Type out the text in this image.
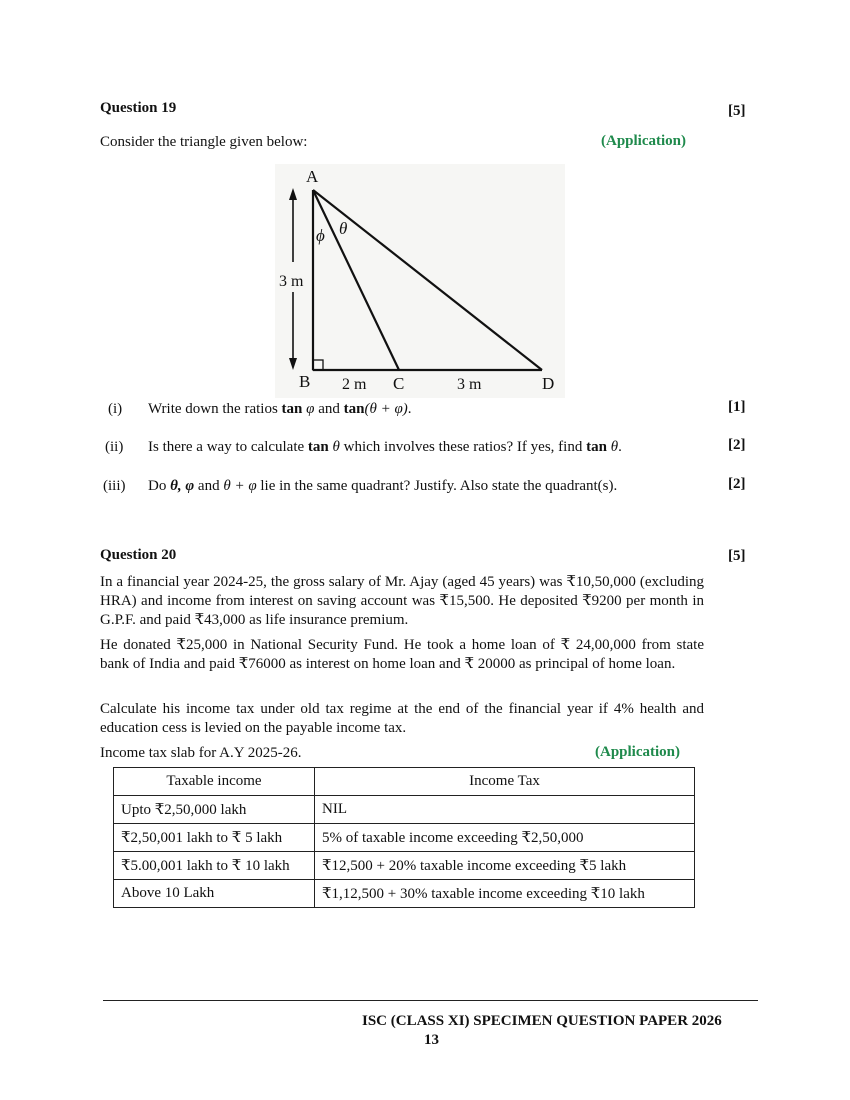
Question 19	[5]
Consider the triangle given below:	(Application)
A
B	C	D
ϕ θ
3 m
2 m	3 m
(i) Write down the ratios tan φ and tan(θ + φ).	[1]
(ii) Is there a way to calculate tan θ which involves these ratios? If yes, find tan θ.	[2]
(iii) Do θ, φ and θ + φ lie in the same quadrant? Justify. Also state the quadrant(s).	[2]
Question 20	[5]
In a financial year 2024-25, the gross salary of Mr. Ajay (aged 45 years) was ₹10,50,000 (excluding HRA) and income from interest on saving account was ₹15,500. He deposited ₹9200 per month in G.P.F. and paid ₹43,000 as life insurance premium.
He donated ₹25,000 in National Security Fund. He took a home loan of ₹ 24,00,000 from state bank of India and paid ₹76000 as interest on home loan and ₹ 20000 as principal of home loan.
Calculate his income tax under old tax regime at the end of the financial year if 4% health and education cess is levied on the payable income tax.
Income tax slab for A.Y 2025-26.	(Application)
Taxable income	Income Tax
Upto ₹2,50,000 lakh	NIL
₹2,50,001 lakh to ₹ 5 lakh	5% of taxable income exceeding ₹2,50,000
₹5.00,001 lakh to ₹ 10 lakh	₹12,500 + 20% taxable income exceeding ₹5 lakh
Above 10 Lakh	₹1,12,500 + 30% taxable income exceeding ₹10 lakh
ISC (CLASS XI) SPECIMEN QUESTION PAPER 2026
13
